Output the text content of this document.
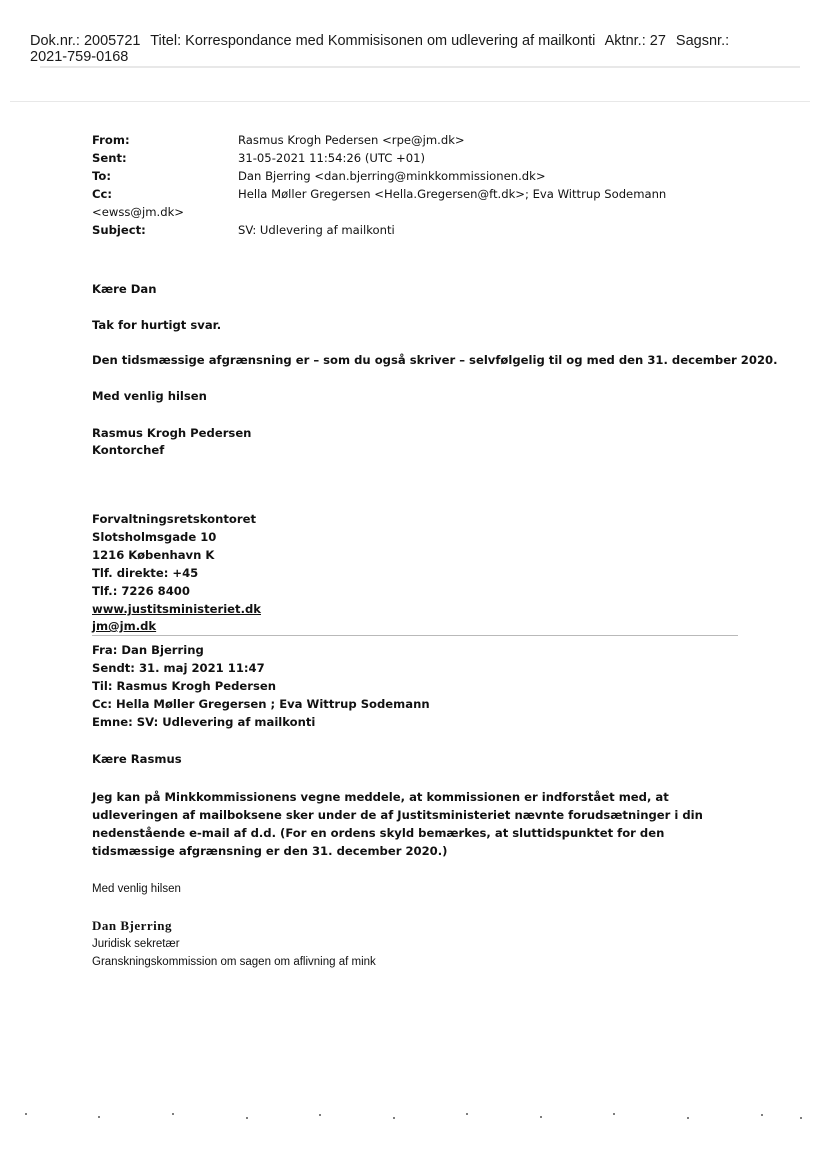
Dok.nr.: 2005721 Titel: Korrespondance med Kommisisonen om udlevering af mailkonti Aktnr.: 27 Sagsnr.:
2021-759-0168
From:	Rasmus Krogh Pedersen <rpe@jm.dk>
Sent:	31-05-2021 11:54:26 (UTC +01)
To:	Dan Bjerring <dan.bjerring@minkkommissionen.dk>
Cc:	Hella Møller Gregersen <Hella.Gregersen@ft.dk>; Eva Wittrup Sodemann
<ewss@jm.dk>
Subject:	SV: Udlevering af mailkonti
Kære Dan
Tak for hurtigt svar.
Den tidsmæssige afgrænsning er – som du også skriver – selvfølgelig til og med den 31. december 2020.
Med venlig hilsen
Rasmus Krogh Pedersen
Kontorchef
Forvaltningsretskontoret
Slotsholmsgade 10
1216 København K
Tlf. direkte: +45
Tlf.: 7226 8400
www.justitsministeriet.dk
jm@jm.dk
Fra: Dan Bjerring
Sendt: 31. maj 2021 11:47
Til: Rasmus Krogh Pedersen
Cc: Hella Møller Gregersen ; Eva Wittrup Sodemann
Emne: SV: Udlevering af mailkonti
Kære Rasmus
Jeg kan på Minkkommissionens vegne meddele, at kommissionen er indforstået med, at udleveringen af mailboksene sker under de af Justitsministeriet nævnte forudsætninger i din nedenstående e-mail af d.d. (For en ordens skyld bemærkes, at sluttidspunktet for den tidsmæssige afgrænsning er den 31. december 2020.)
Med venlig hilsen
Dan Bjerring
Juridisk sekretær
Granskningskommission om sagen om aflivning af mink
